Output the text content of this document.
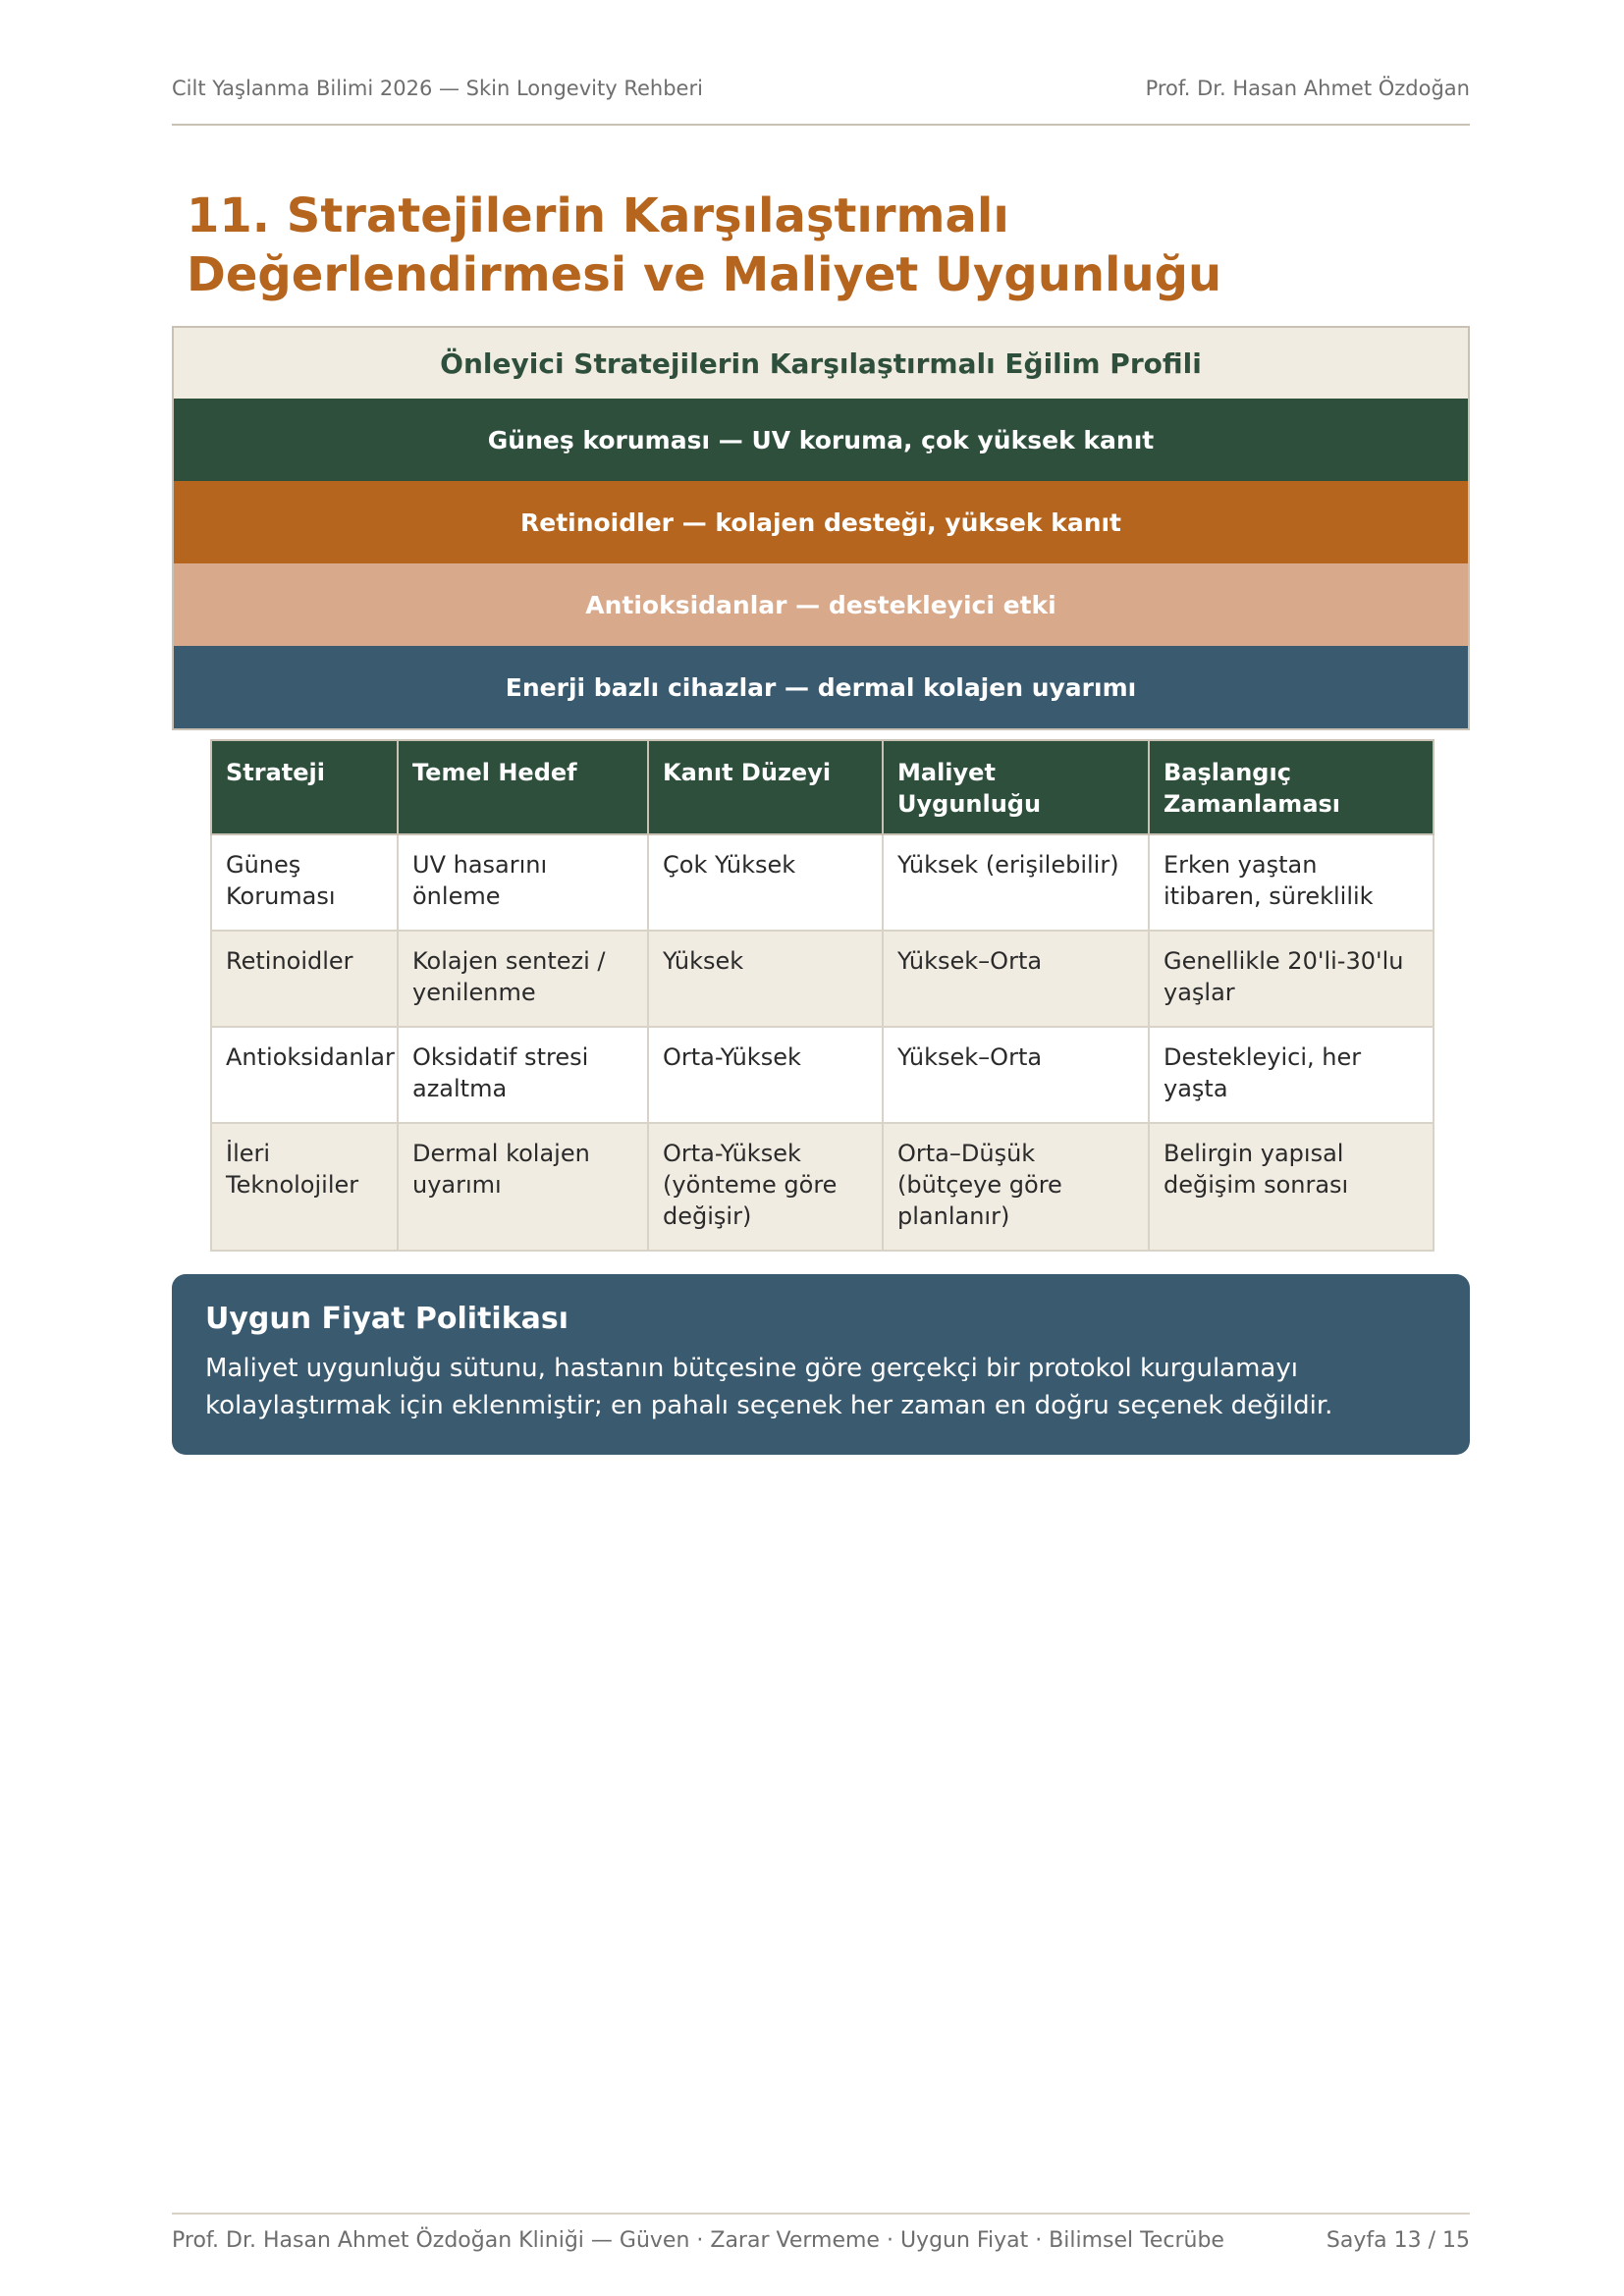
Cilt Yaşlanma Bilimi 2026 — Skin Longevity Rehberi	Prof. Dr. Hasan Ahmet Özdoğan
11. Stratejilerin Karşılaştırmalı Değerlendirmesi ve Maliyet Uygunluğu
Önleyici Stratejilerin Karşılaştırmalı Eğilim Profili
Güneş koruması — UV koruma, çok yüksek kanıt
Retinoidler — kolajen desteği, yüksek kanıt
Antioksidanlar — destekleyici etki
Enerji bazlı cihazlar — dermal kolajen uyarımı
Strateji	Temel Hedef	Kanıt Düzeyi	Maliyet Uygunluğu	Başlangıç Zamanlaması
Güneş Koruması	UV hasarını önleme	Çok Yüksek	Yüksek (erişilebilir)	Erken yaştan itibaren, süreklilik
Retinoidler	Kolajen sentezi / yenilenme	Yüksek	Yüksek–Orta	Genellikle 20'li-30'lu yaşlar
Antioksidanlar	Oksidatif stresi azaltma	Orta-Yüksek	Yüksek–Orta	Destekleyici, her yaşta
İleri Teknolojiler	Dermal kolajen uyarımı	Orta-Yüksek (yönteme göre değişir)	Orta–Düşük (bütçeye göre planlanır)	Belirgin yapısal değişim sonrası

Uygun Fiyat Politikası

Maliyet uygunluğu sütunu, hastanın bütçesine göre gerçekçi bir protokol kurgulamayı kolaylaştırmak için eklenmiştir; en pahalı seçenek her zaman en doğru seçenek değildir.

Prof. Dr. Hasan Ahmet Özdoğan Kliniği — Güven · Zarar Vermeme · Uygun Fiyat · Bilimsel Tecrübe	Sayfa 13 / 15
